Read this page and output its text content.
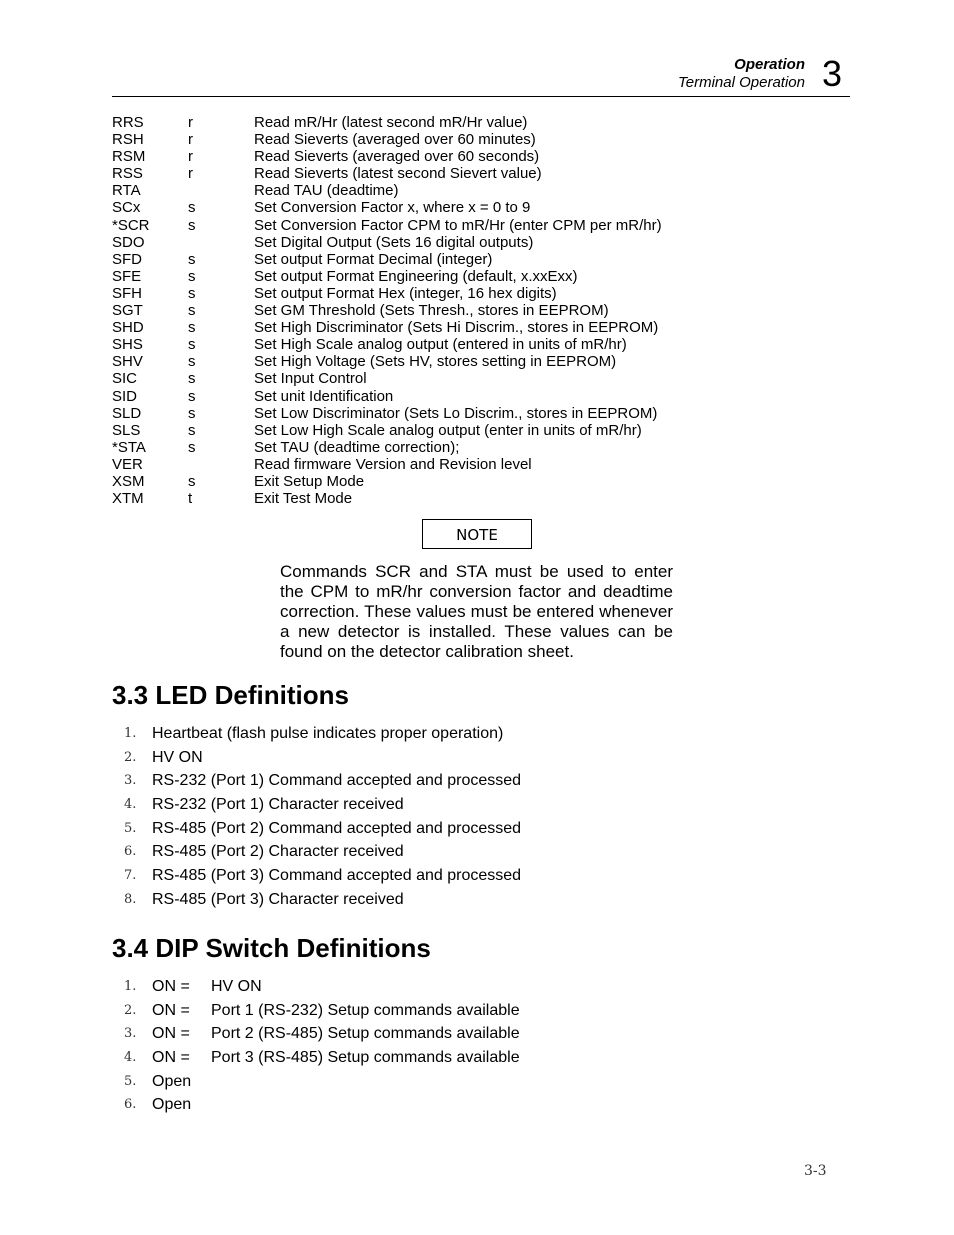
Operation
Terminal Operation 3
RRS	r	Read mR/Hr (latest second mR/Hr value)
RSH	r	Read Sieverts (averaged over 60 minutes)
RSM	r	Read Sieverts (averaged over 60 seconds)
RSS	r	Read Sieverts (latest second Sievert value)
RTA		Read TAU (deadtime)
SCx	s	Set Conversion Factor x, where x = 0 to 9
*SCR	s	Set Conversion Factor CPM to mR/Hr (enter CPM per mR/hr)
SDO		Set Digital Output (Sets 16 digital outputs)
SFD	s	Set output Format Decimal (integer)
SFE	s	Set output Format Engineering (default, x.xxExx)
SFH	s	Set output Format Hex (integer, 16 hex digits)
SGT	s	Set GM Threshold (Sets Thresh., stores in EEPROM)
SHD	s	Set High Discriminator (Sets Hi Discrim., stores in EEPROM)
SHS	s	Set High Scale analog output (entered in units of mR/hr)
SHV	s	Set High Voltage (Sets HV, stores setting in EEPROM)
SIC	s	Set Input Control
SID	s	Set unit Identification
SLD	s	Set Low Discriminator (Sets Lo Discrim., stores in EEPROM)
SLS	s	Set Low High Scale analog output (enter in units of mR/hr)
*STA	s	Set TAU (deadtime correction);
VER		Read firmware Version and Revision level
XSM	s	Exit Setup Mode
XTM	t	Exit Test Mode
NOTE
Commands SCR and STA must be used to enter the CPM to mR/hr conversion factor and deadtime correction. These values must be entered whenever a new detector is installed. These values can be found on the detector calibration sheet.
3.3 LED Definitions
1. Heartbeat (flash pulse indicates proper operation)
2. HV ON
3. RS-232 (Port 1) Command accepted and processed
4. RS-232 (Port 1) Character received
5. RS-485 (Port 2) Command accepted and processed
6. RS-485 (Port 2) Character received
7. RS-485 (Port 3) Command accepted and processed
8. RS-485 (Port 3) Character received
3.4 DIP Switch Definitions
1. ON = HV ON
2. ON = Port 1 (RS-232) Setup commands available
3. ON = Port 2 (RS-485) Setup commands available
4. ON = Port 3 (RS-485) Setup commands available
5. Open
6. Open
3-3
